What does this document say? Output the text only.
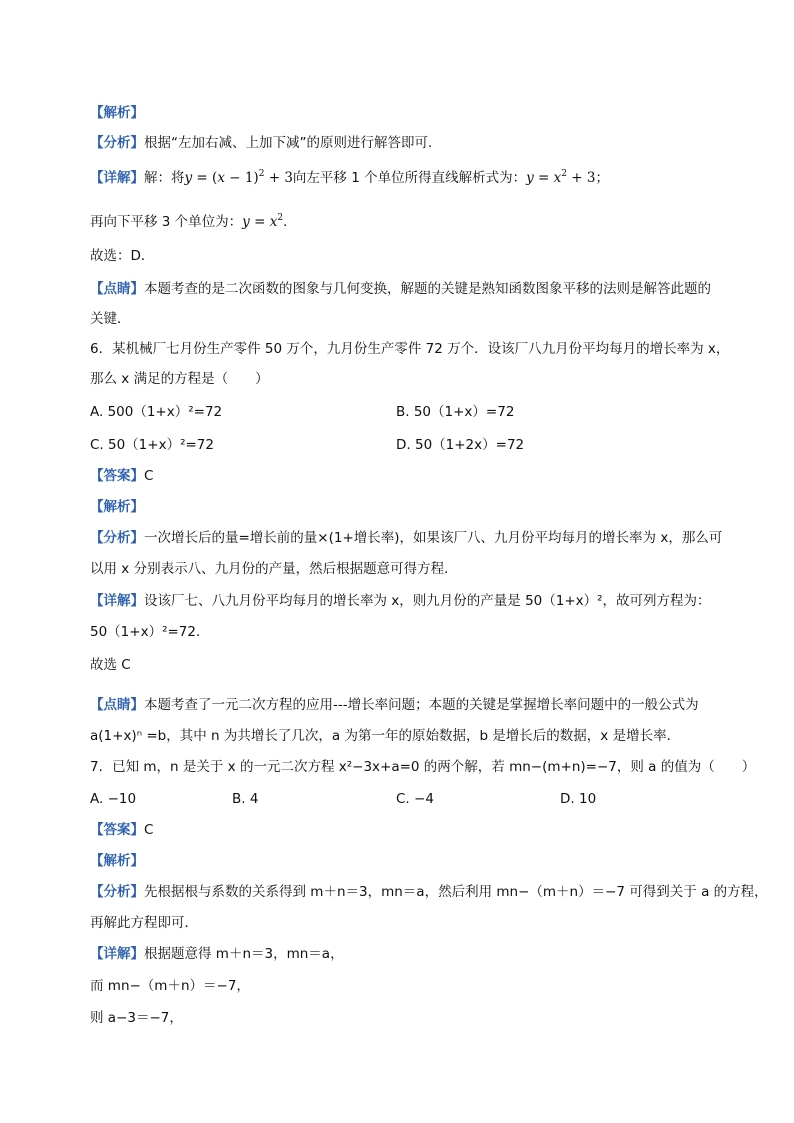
【解析】
【分析】根据“左加右减、上加下减”的原则进行解答即可．
【详解】解：将$y = (x - 1)^2 + 3$向左平移 1 个单位所得直线解析式为：$y = x^2 + 3$；
再向下平移 3 个单位为：$y = x^2$．
故选：D．
【点睛】本题考查的是二次函数的图象与几何变换，解题的关键是熟知函数图象平移的法则是解答此题的
关键．
6．某机械厂七月份生产零件 50 万个，九月份生产零件 72 万个．设该厂八九月份平均每月的增长率为 x，
那么 x 满足的方程是（　　）
A. 500（1+x）²=72	B. 50（1+x）=72
C. 50（1+x）²=72	D. 50（1+2x）=72
【答案】C
【解析】
【分析】一次增长后的量=增长前的量×(1+增长率)，如果该厂八、九月份平均每月的增长率为 x，那么可
以用 x 分别表示八、九月份的产量，然后根据题意可得方程．
【详解】设该厂七、八九月份平均每月的增长率为 x，则九月份的产量是 50（1+x）²，故可列方程为：
50（1+x）²=72．
故选 C
【点睛】本题考查了一元二次方程的应用---增长率问题；本题的关键是掌握增长率问题中的一般公式为
a(1+x)ⁿ =b，其中 n 为共增长了几次，a 为第一年的原始数据，b 是增长后的数据，x 是增长率．
7．已知 m，n 是关于 x 的一元二次方程 x²−3x+a=0 的两个解，若 mn−(m+n)=−7，则 a 的值为（　　）
A. −10	B. 4	C. −4	D. 10
【答案】C
【解析】
【分析】先根据根与系数的关系得到 m＋n＝3，mn＝a，然后利用 mn−（m＋n）＝−7 可得到关于 a 的方程，
再解此方程即可．
【详解】根据题意得 m＋n＝3，mn＝a，
而 mn−（m＋n）＝−7，
则 a−3＝−7，
